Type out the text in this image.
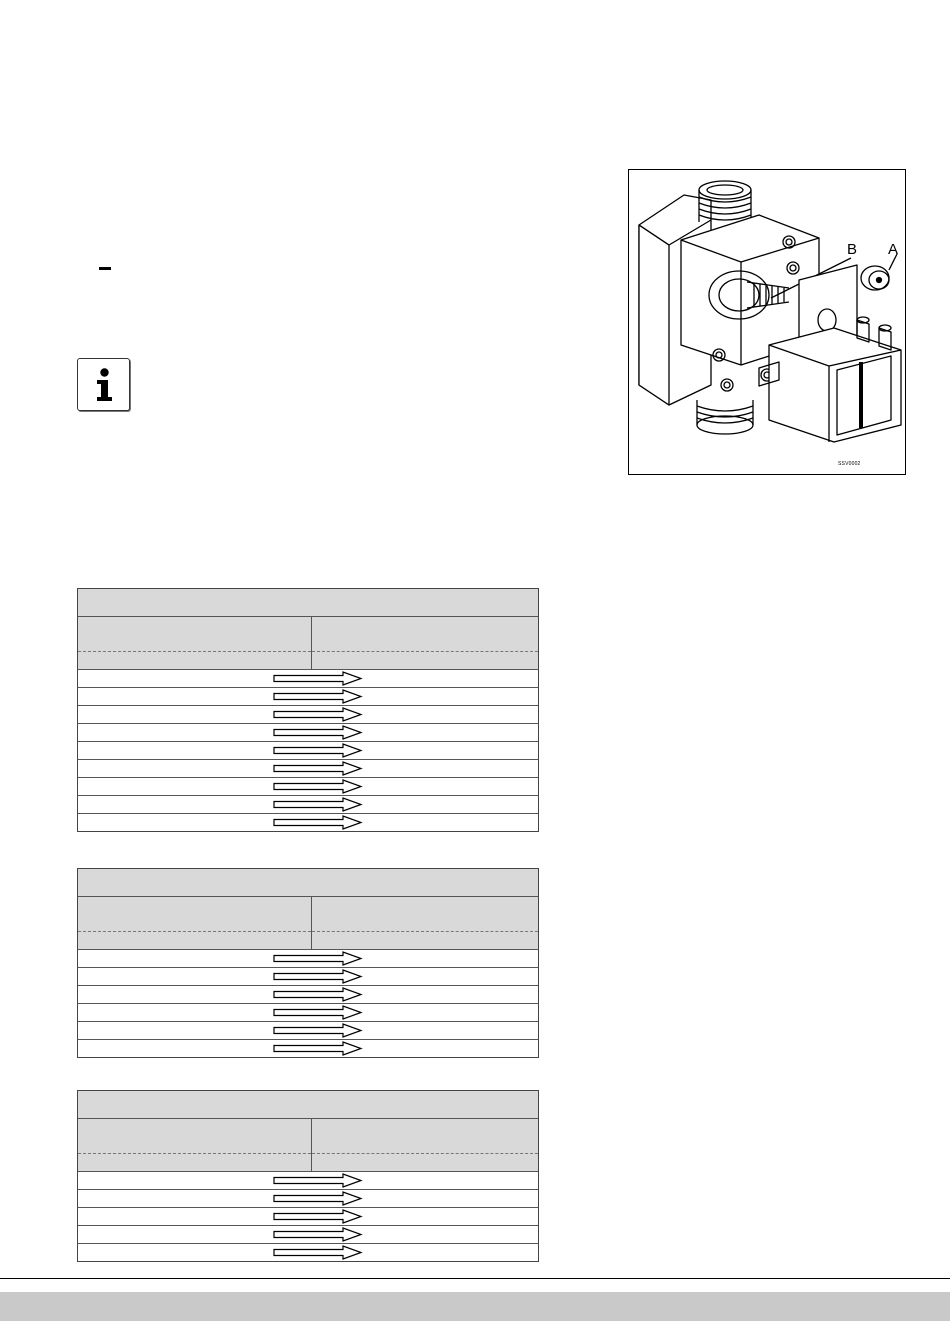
B A
SSV0002
